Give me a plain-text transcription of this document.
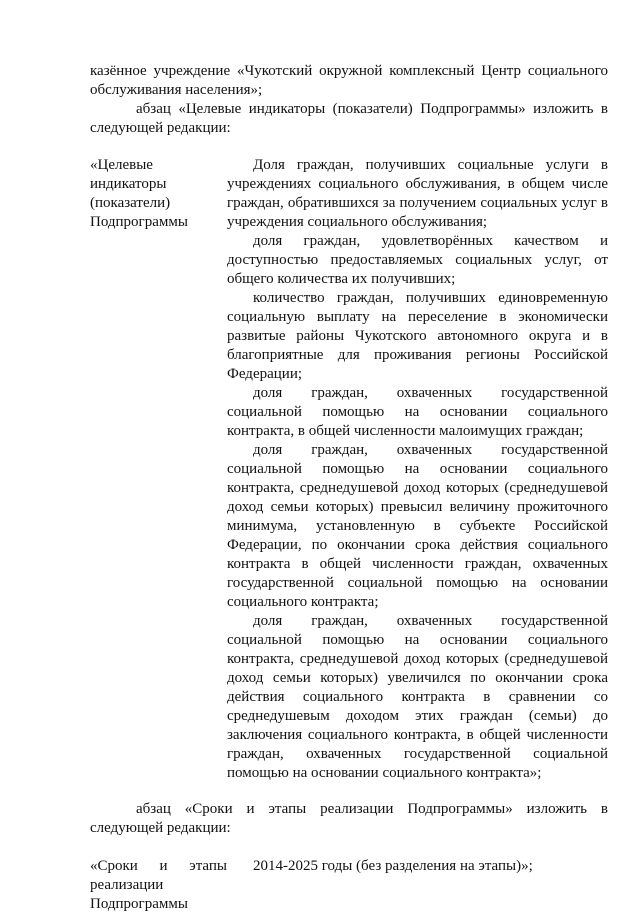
казённое учреждение «Чукотский окружной комплексный Центр социального обслуживания населения»;

абзац «Целевые индикаторы (показатели) Подпрограммы» изложить в следующей редакции:

«Целевые индикаторы (показатели) Подпрограммы

Доля граждан, получивших социальные услуги в учреждениях социального обслуживания, в общем числе граждан, обратившихся за получением социальных услуг в учреждения социального обслуживания;

доля граждан, удовлетворённых качеством и доступностью предоставляемых социальных услуг, от общего количества их получивших;

количество граждан, получивших единовременную социальную выплату на переселение в экономически развитые районы Чукотского автономного округа и в благоприятные для проживания регионы Российской Федерации;

доля граждан, охваченных государственной социальной помощью на основании социального контракта, в общей численности малоимущих граждан;

доля граждан, охваченных государственной социальной помощью на основании социального контракта, среднедушевой доход которых (среднедушевой доход семьи которых) превысил величину прожиточного минимума, установленную в субъекте Российской Федерации, по окончании срока действия социального контракта в общей численности граждан, охваченных государственной социальной помощью на основании социального контракта;

доля граждан, охваченных государственной социальной помощью на основании социального контракта, среднедушевой доход которых (среднедушевой доход семьи которых) увеличился по окончании срока действия социального контракта в сравнении со среднедушевым доходом этих граждан (семьи) до заключения социального контракта, в общей численности граждан, охваченных государственной социальной помощью на основании социального контракта»;

абзац «Сроки и этапы реализации Подпрограммы» изложить в следующей редакции:

«Сроки и этапы реализации Подпрограммы

2014-2025 годы (без разделения на этапы)»;
